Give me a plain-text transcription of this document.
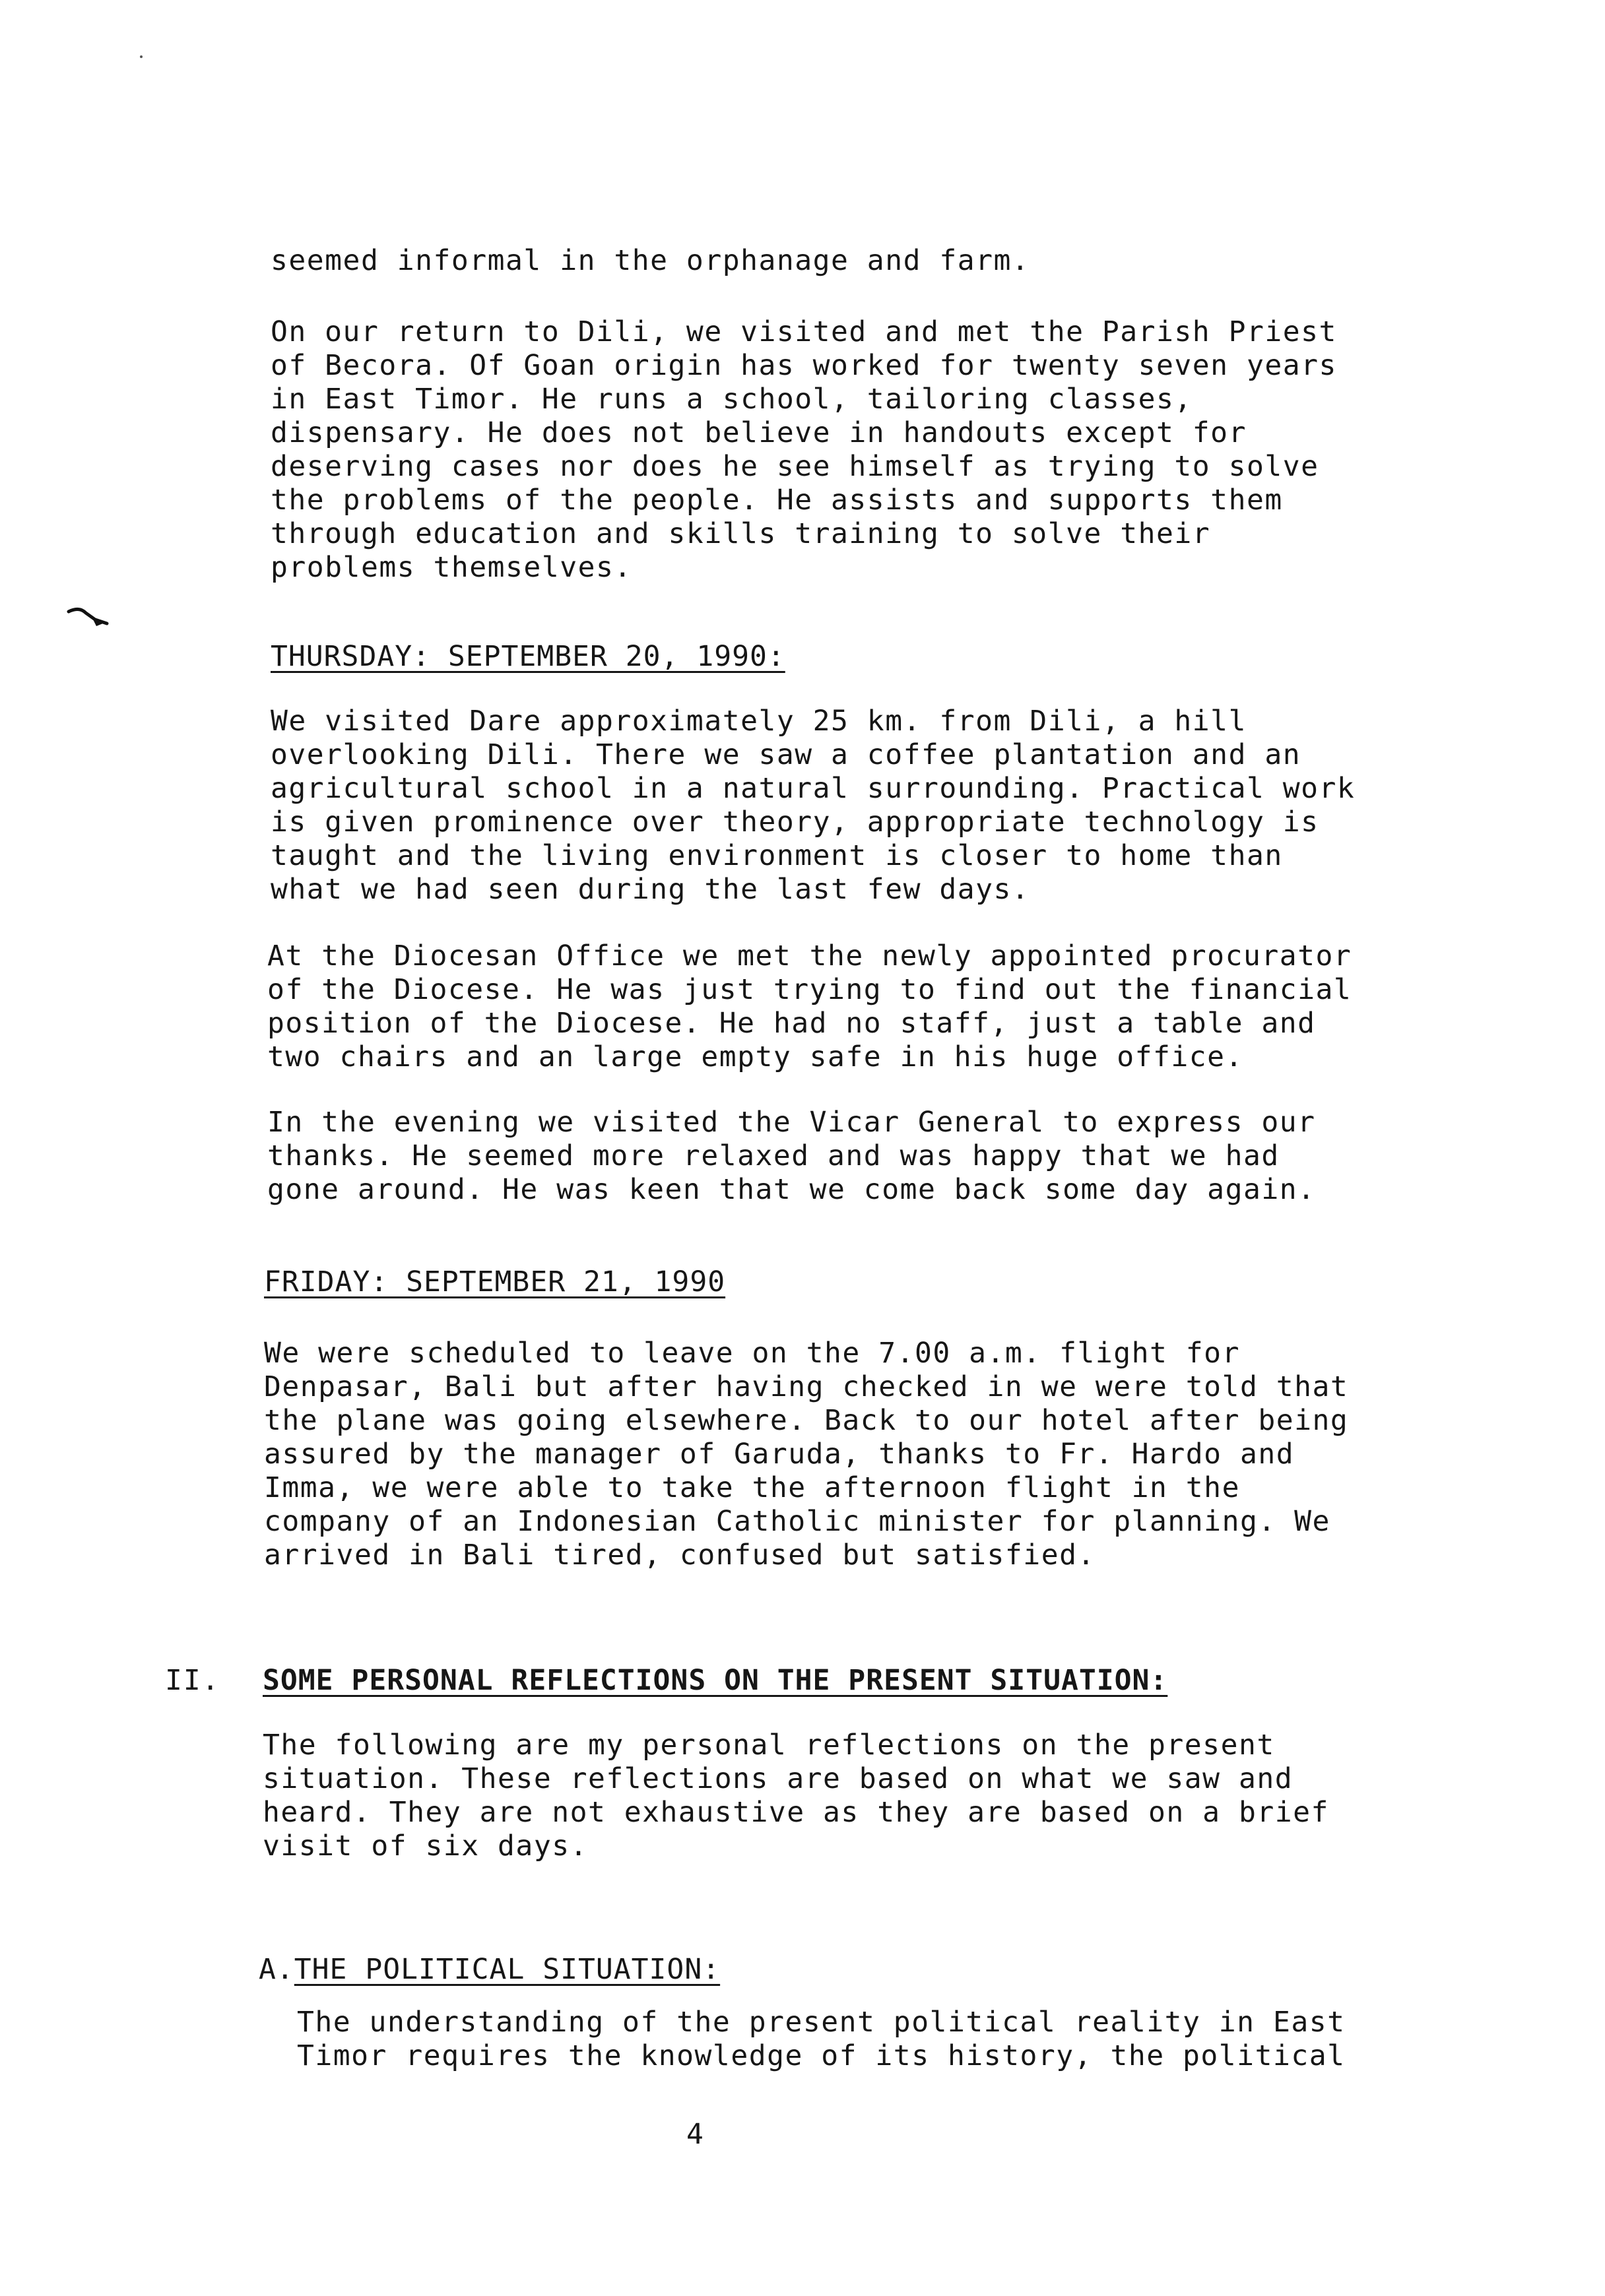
seemed informal in the orphanage and farm.

On our return to Dili, we visited and met the Parish Priest
of Becora. Of Goan origin has worked for twenty seven years
in East Timor. He runs a school, tailoring classes,
dispensary. He does not believe in handouts except for
deserving cases nor does he see himself as trying to solve
the problems of the people. He assists and supports them
through education and skills training to solve their
problems themselves.

THURSDAY: SEPTEMBER 20, 1990:

We visited Dare approximately 25 km. from Dili, a hill
overlooking Dili. There we saw a coffee plantation and an
agricultural school in a natural surrounding. Practical work
is given prominence over theory, appropriate technology is
taught and the living environment is closer to home than
what we had seen during the last few days.

At the Diocesan Office we met the newly appointed procurator
of the Diocese. He was just trying to find out the financial
position of the Diocese. He had no staff, just a table and
two chairs and an large empty safe in his huge office.

In the evening we visited the Vicar General to express our
thanks. He seemed more relaxed and was happy that we had
gone around. He was keen that we come back some day again.

FRIDAY: SEPTEMBER 21, 1990

We were scheduled to leave on the 7.00 a.m. flight for
Denpasar, Bali but after having checked in we were told that
the plane was going elsewhere. Back to our hotel after being
assured by the manager of Garuda, thanks to Fr. Hardo and
Imma, we were able to take the afternoon flight in the
company of an Indonesian Catholic minister for planning. We
arrived in Bali tired, confused but satisfied.

II. SOME PERSONAL REFLECTIONS ON THE PRESENT SITUATION:

The following are my personal reflections on the present
situation. These reflections are based on what we saw and
heard. They are not exhaustive as they are based on a brief
visit of six days.

A.THE POLITICAL SITUATION:

The understanding of the present political reality in East
Timor requires the knowledge of its history, the political

4
